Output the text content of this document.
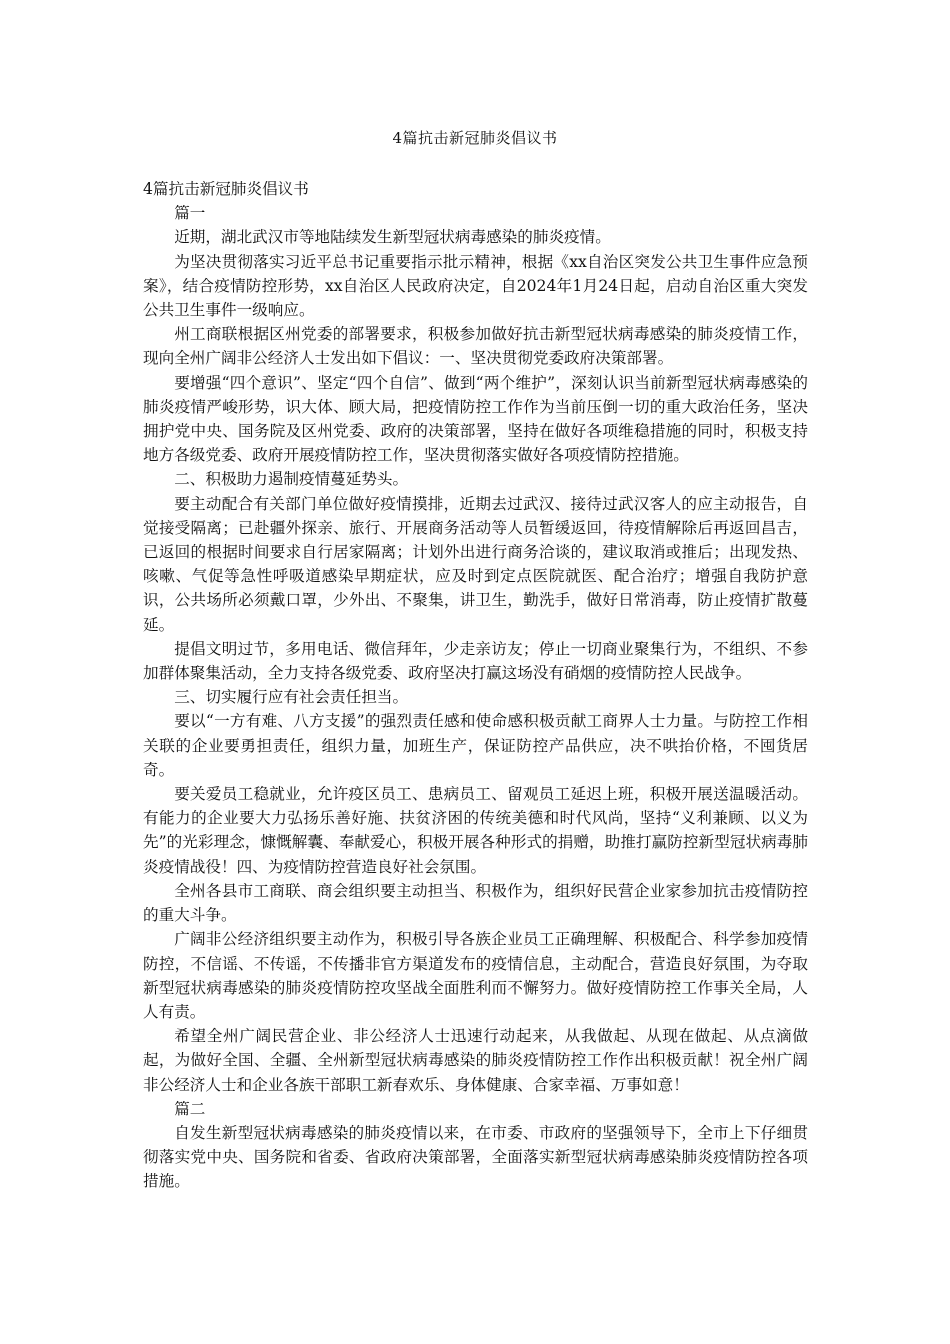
4篇抗击新冠肺炎倡议书

4篇抗击新冠肺炎倡议书

篇一

近期，湖北武汉市等地陆续发生新型冠状病毒感染的肺炎疫情。

为坚决贯彻落实习近平总书记重要指示批示精神，根据《xx自治区突发公共卫生事件应急预案》，结合疫情防控形势，xx自治区人民政府决定，自2024年1月24日起，启动自治区重大突发公共卫生事件一级响应。

州工商联根据区州党委的部署要求，积极参加做好抗击新型冠状病毒感染的肺炎疫情工作，现向全州广阔非公经济人士发出如下倡议：一、坚决贯彻党委政府决策部署。

要增强“四个意识”、坚定“四个自信”、做到“两个维护”，深刻认识当前新型冠状病毒感染的肺炎疫情严峻形势，识大体、顾大局，把疫情防控工作作为当前压倒一切的重大政治任务，坚决拥护党中央、国务院及区州党委、政府的决策部署，坚持在做好各项维稳措施的同时，积极支持地方各级党委、政府开展疫情防控工作，坚决贯彻落实做好各项疫情防控措施。

二、积极助力遏制疫情蔓延势头。

要主动配合有关部门单位做好疫情摸排，近期去过武汉、接待过武汉客人的应主动报告，自觉接受隔离；已赴疆外探亲、旅行、开展商务活动等人员暂缓返回，待疫情解除后再返回昌吉，已返回的根据时间要求自行居家隔离；计划外出进行商务洽谈的，建议取消或推后；出现发热、咳嗽、气促等急性呼吸道感染早期症状，应及时到定点医院就医、配合治疗；增强自我防护意识，公共场所必须戴口罩，少外出、不聚集，讲卫生，勤洗手，做好日常消毒，防止疫情扩散蔓延。

提倡文明过节，多用电话、微信拜年，少走亲访友；停止一切商业聚集行为，不组织、不参加群体聚集活动，全力支持各级党委、政府坚决打赢这场没有硝烟的疫情防控人民战争。

三、切实履行应有社会责任担当。

要以“一方有难、八方支援”的强烈责任感和使命感积极贡献工商界人士力量。与防控工作相关联的企业要勇担责任，组织力量，加班生产，保证防控产品供应，决不哄抬价格，不囤货居奇。

要关爱员工稳就业，允许疫区员工、患病员工、留观员工延迟上班，积极开展送温暖活动。有能力的企业要大力弘扬乐善好施、扶贫济困的传统美德和时代风尚，坚持“义利兼顾、以义为先”的光彩理念，慷慨解囊、奉献爱心，积极开展各种形式的捐赠，助推打赢防控新型冠状病毒肺炎疫情战役！四、为疫情防控营造良好社会氛围。

全州各县市工商联、商会组织要主动担当、积极作为，组织好民营企业家参加抗击疫情防控的重大斗争。

广阔非公经济组织要主动作为，积极引导各族企业员工正确理解、积极配合、科学参加疫情防控，不信谣、不传谣，不传播非官方渠道发布的疫情信息，主动配合，营造良好氛围，为夺取新型冠状病毒感染的肺炎疫情防控攻坚战全面胜利而不懈努力。做好疫情防控工作事关全局，人人有责。

希望全州广阔民营企业、非公经济人士迅速行动起来，从我做起、从现在做起、从点滴做起，为做好全国、全疆、全州新型冠状病毒感染的肺炎疫情防控工作作出积极贡献！祝全州广阔非公经济人士和企业各族干部职工新春欢乐、身体健康、合家幸福、万事如意！

篇二

自发生新型冠状病毒感染的肺炎疫情以来，在市委、市政府的坚强领导下，全市上下仔细贯彻落实党中央、国务院和省委、省政府决策部署，全面落实新型冠状病毒感染肺炎疫情防控各项措施。
